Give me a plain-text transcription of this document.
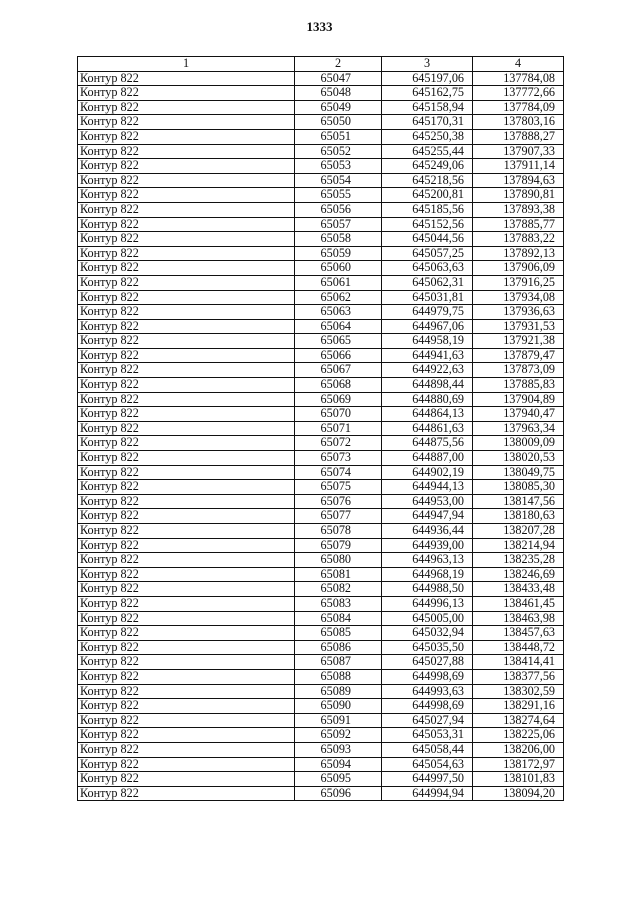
1333
1	2	3	4
Контур 822	65047	645197,06	137784,08
Контур 822	65048	645162,75	137772,66
Контур 822	65049	645158,94	137784,09
Контур 822	65050	645170,31	137803,16
Контур 822	65051	645250,38	137888,27
Контур 822	65052	645255,44	137907,33
Контур 822	65053	645249,06	137911,14
Контур 822	65054	645218,56	137894,63
Контур 822	65055	645200,81	137890,81
Контур 822	65056	645185,56	137893,38
Контур 822	65057	645152,56	137885,77
Контур 822	65058	645044,56	137883,22
Контур 822	65059	645057,25	137892,13
Контур 822	65060	645063,63	137906,09
Контур 822	65061	645062,31	137916,25
Контур 822	65062	645031,81	137934,08
Контур 822	65063	644979,75	137936,63
Контур 822	65064	644967,06	137931,53
Контур 822	65065	644958,19	137921,38
Контур 822	65066	644941,63	137879,47
Контур 822	65067	644922,63	137873,09
Контур 822	65068	644898,44	137885,83
Контур 822	65069	644880,69	137904,89
Контур 822	65070	644864,13	137940,47
Контур 822	65071	644861,63	137963,34
Контур 822	65072	644875,56	138009,09
Контур 822	65073	644887,00	138020,53
Контур 822	65074	644902,19	138049,75
Контур 822	65075	644944,13	138085,30
Контур 822	65076	644953,00	138147,56
Контур 822	65077	644947,94	138180,63
Контур 822	65078	644936,44	138207,28
Контур 822	65079	644939,00	138214,94
Контур 822	65080	644963,13	138235,28
Контур 822	65081	644968,19	138246,69
Контур 822	65082	644988,50	138433,48
Контур 822	65083	644996,13	138461,45
Контур 822	65084	645005,00	138463,98
Контур 822	65085	645032,94	138457,63
Контур 822	65086	645035,50	138448,72
Контур 822	65087	645027,88	138414,41
Контур 822	65088	644998,69	138377,56
Контур 822	65089	644993,63	138302,59
Контур 822	65090	644998,69	138291,16
Контур 822	65091	645027,94	138274,64
Контур 822	65092	645053,31	138225,06
Контур 822	65093	645058,44	138206,00
Контур 822	65094	645054,63	138172,97
Контур 822	65095	644997,50	138101,83
Контур 822	65096	644994,94	138094,20
